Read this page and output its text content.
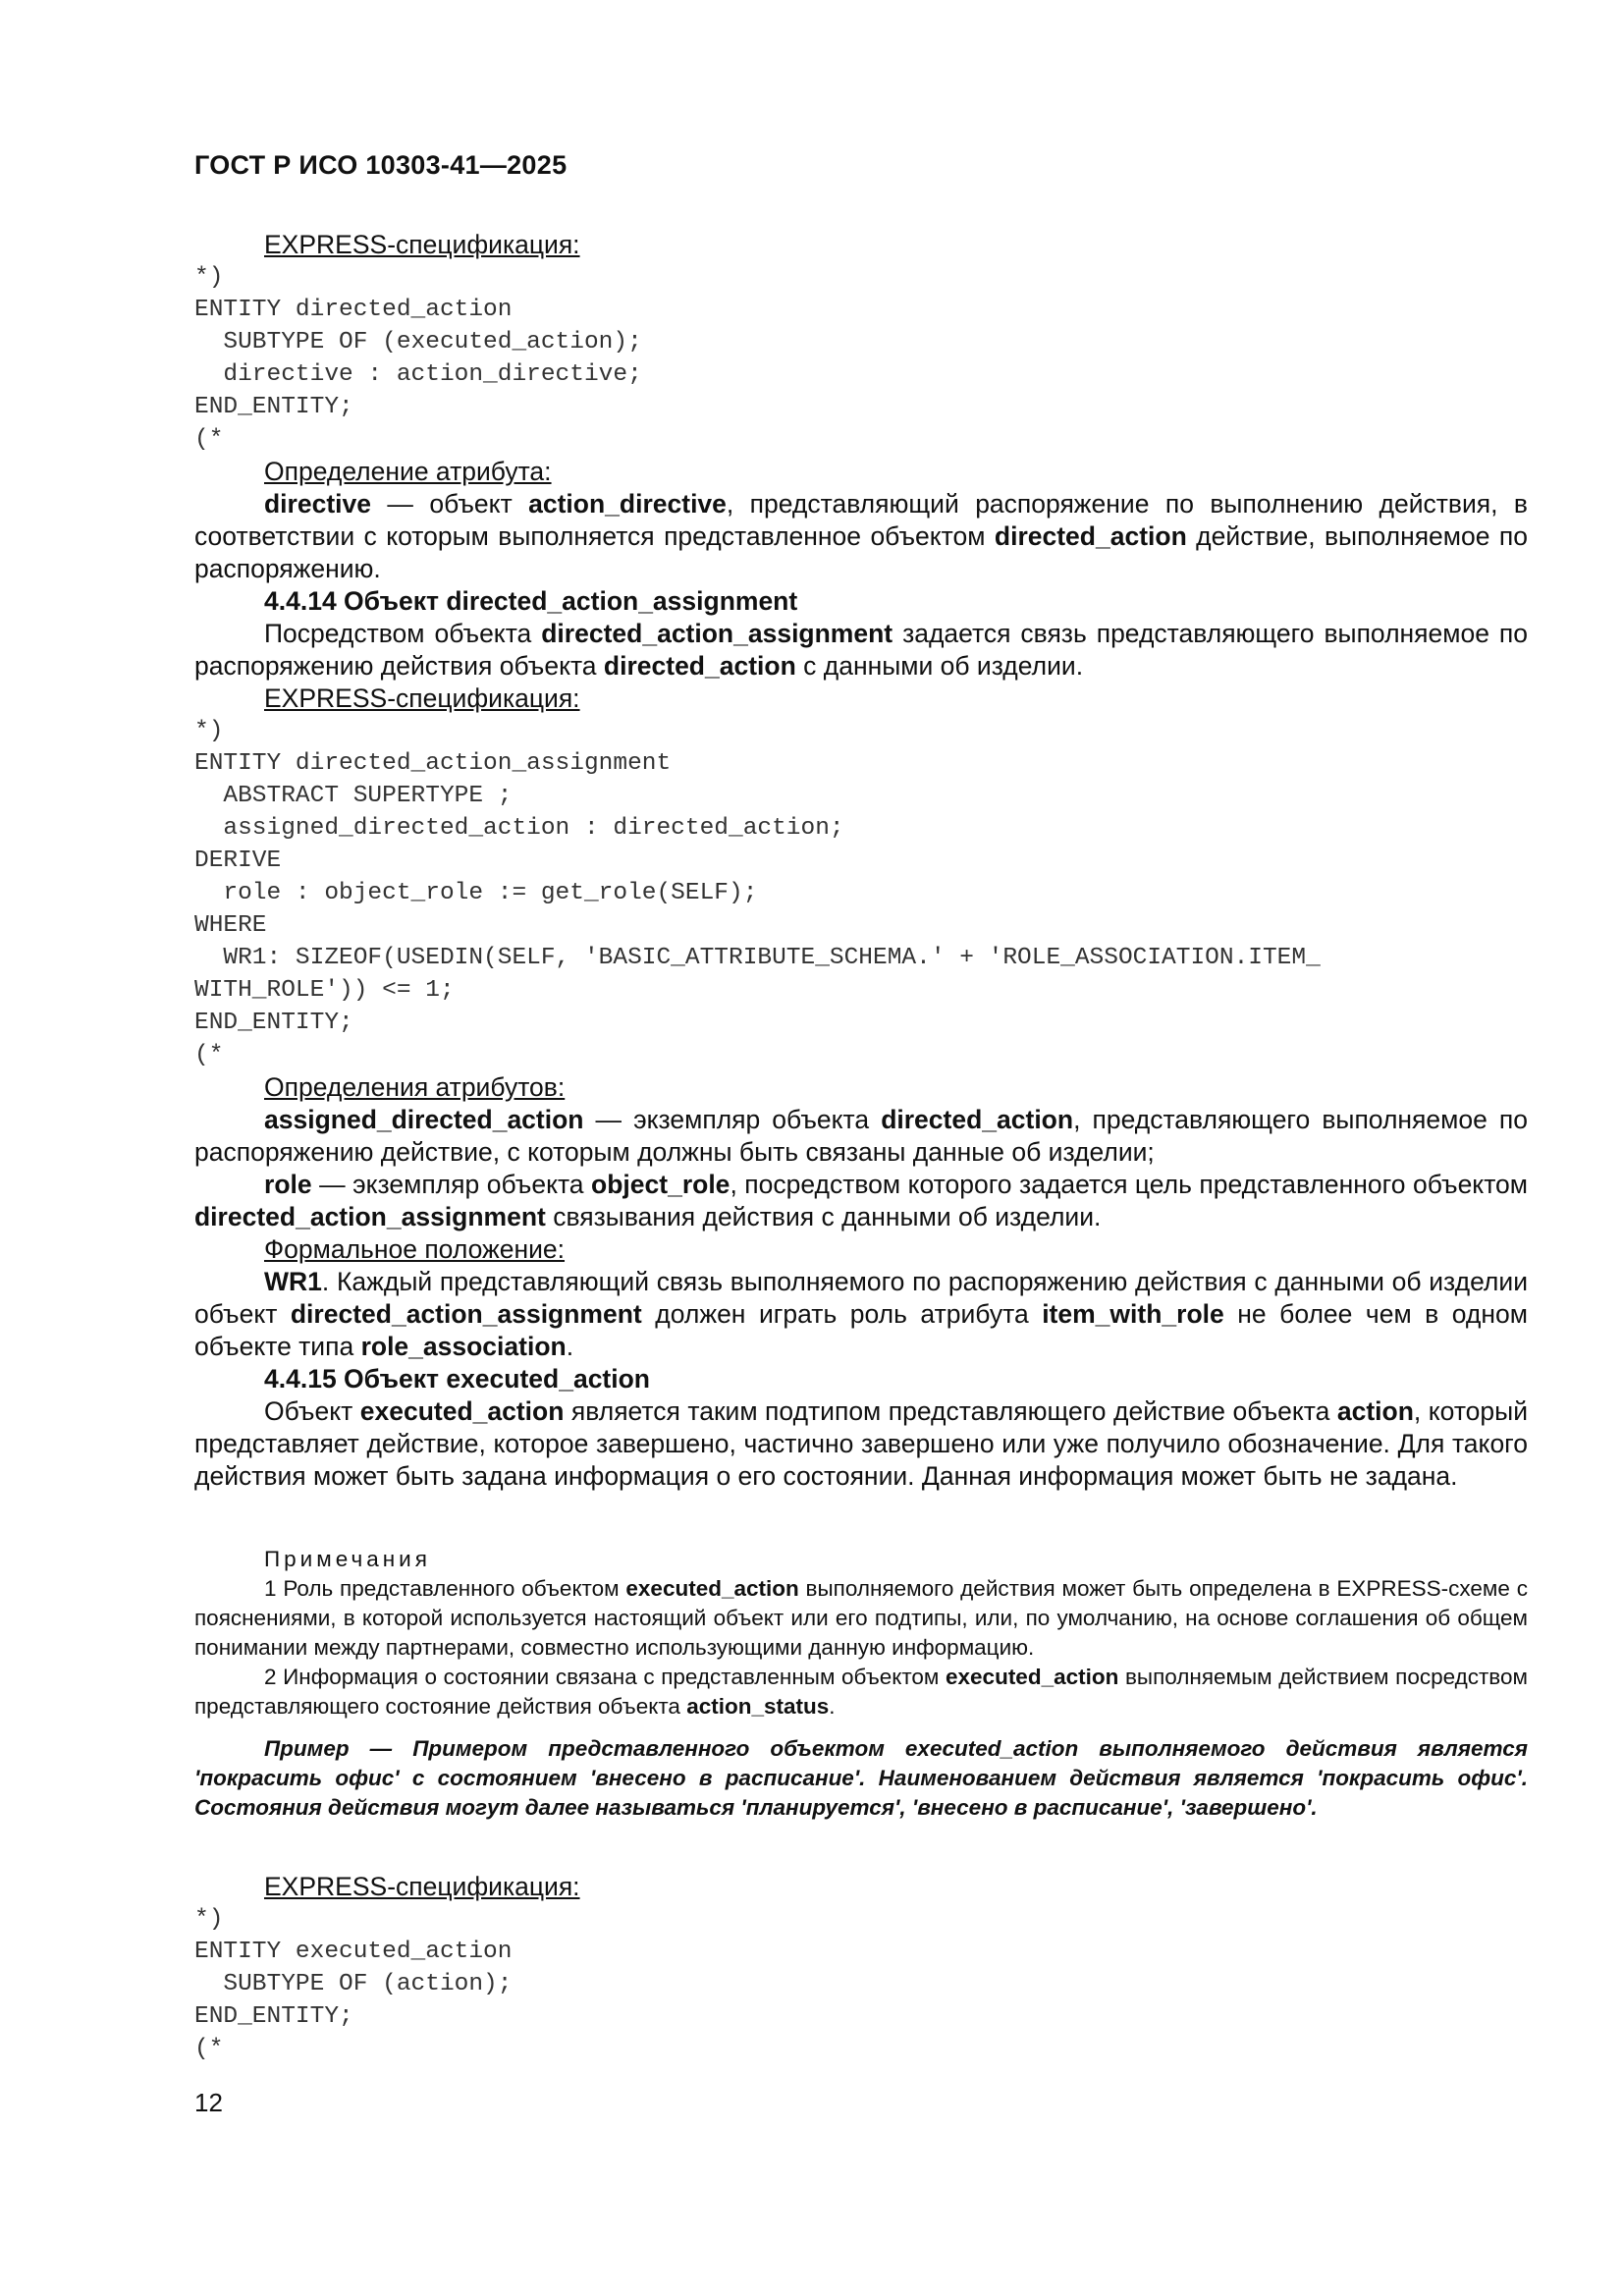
ГОСТ Р ИСО 10303-41—2025

EXPRESS-спецификация:

*)
ENTITY directed_action
SUBTYPE OF (executed_action);
directive : action_directive;
END_ENTITY;
(*

Определение атрибута:

directive — объект action_directive, представляющий распоряжение по выполнению действия, в соответствии с которым выполняется представленное объектом directed_action действие, выполняемое по распоряжению.

4.4.14 Объект directed_action_assignment

Посредством объекта directed_action_assignment задается связь представляющего выполняемое по распоряжению действия объекта directed_action с данными об изделии.

EXPRESS-спецификация:

*)
ENTITY directed_action_assignment
ABSTRACT SUPERTYPE ;
assigned_directed_action : directed_action;
DERIVE
role : object_role := get_role(SELF);
WHERE
WR1: SIZEOF(USEDIN(SELF, 'BASIC_ATTRIBUTE_SCHEMA.' + 'ROLE_ASSOCIATION.ITEM_
WITH_ROLE')) <= 1;
END_ENTITY;
(*

Определения атрибутов:

assigned_directed_action — экземпляр объекта directed_action, представляющего выполняемое по распоряжению действие, с которым должны быть связаны данные об изделии;

role — экземпляр объекта object_role, посредством которого задается цель представленного объектом directed_action_assignment связывания действия с данными об изделии.

Формальное положение:

WR1. Каждый представляющий связь выполняемого по распоряжению действия с данными об изделии объект directed_action_assignment должен играть роль атрибута item_with_role не более чем в одном объекте типа role_association.

4.4.15 Объект executed_action

Объект executed_action является таким подтипом представляющего действие объекта action, который представляет действие, которое завершено, частично завершено или уже получило обозначение. Для такого действия может быть задана информация о его состоянии. Данная информация может быть не задана.

Примечания

1 Роль представленного объектом executed_action выполняемого действия может быть определена в EXPRESS-схеме с пояснениями, в которой используется настоящий объект или его подтипы, или, по умолчанию, на основе соглашения об общем понимании между партнерами, совместно использующими данную информацию.

2 Информация о состоянии связана с представленным объектом executed_action выполняемым действием посредством представляющего состояние действия объекта action_status.

Пример — Примером представленного объектом executed_action выполняемого действия является 'покрасить офис' с состоянием 'внесено в расписание'. Наименованием действия является 'покрасить офис'. Состояния действия могут далее называться 'планируется', 'внесено в расписание', 'завершено'.

EXPRESS-спецификация:

*)
ENTITY executed_action
SUBTYPE OF (action);
END_ENTITY;
(*
12
